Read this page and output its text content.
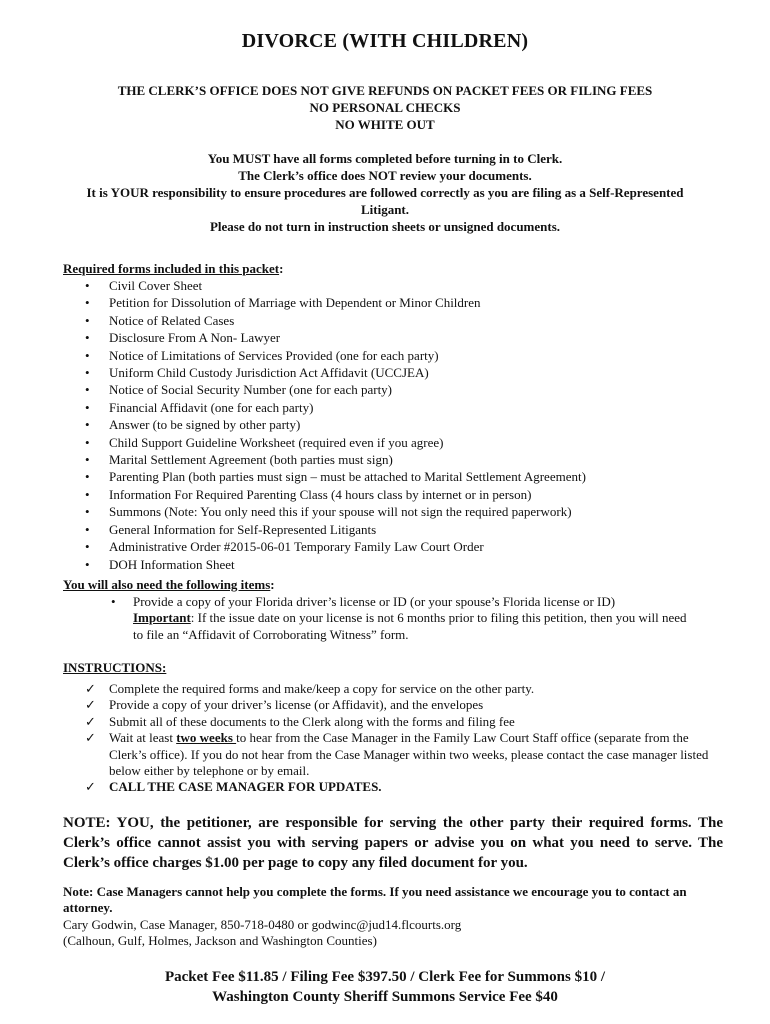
DIVORCE (WITH CHILDREN)
THE CLERK’S OFFICE DOES NOT GIVE REFUNDS ON PACKET FEES OR FILING FEES
NO PERSONAL CHECKS
NO WHITE OUT
You MUST have all forms completed before turning in to Clerk.
The Clerk’s office does NOT review your documents.
It is YOUR responsibility to ensure procedures are followed correctly as you are filing as a Self-Represented
Litigant.
Please do not turn in instruction sheets or unsigned documents.
Required forms included in this packet:
• Civil Cover Sheet
• Petition for Dissolution of Marriage with Dependent or Minor Children
• Notice of Related Cases
• Disclosure From A Non- Lawyer
• Notice of Limitations of Services Provided (one for each party)
• Uniform Child Custody Jurisdiction Act Affidavit (UCCJEA)
• Notice of Social Security Number (one for each party)
• Financial Affidavit (one for each party)
• Answer (to be signed by other party)
• Child Support Guideline Worksheet (required even if you agree)
• Marital Settlement Agreement (both parties must sign)
• Parenting Plan (both parties must sign – must be attached to Marital Settlement Agreement)
• Information For Required Parenting Class (4 hours class by internet or in person)
• Summons (Note: You only need this if your spouse will not sign the required paperwork)
• General Information for Self-Represented Litigants
• Administrative Order #2015-06-01 Temporary Family Law Court Order
• DOH Information Sheet
You will also need the following items:
• Provide a copy of your Florida driver’s license or ID (or your spouse’s Florida license or ID)
Important: If the issue date on your license is not 6 months prior to filing this petition, then you will need to file an “Affidavit of Corroborating Witness” form.
INSTRUCTIONS:
✓ Complete the required forms and make/keep a copy for service on the other party.
✓ Provide a copy of your driver’s license (or Affidavit), and the envelopes
✓ Submit all of these documents to the Clerk along with the forms and filing fee
✓ Wait at least two weeks to hear from the Case Manager in the Family Law Court Staff office (separate from the Clerk’s office). If you do not hear from the Case Manager within two weeks, please contact the case manager listed below either by telephone or by email.
✓ CALL THE CASE MANAGER FOR UPDATES.
NOTE: YOU, the petitioner, are responsible for serving the other party their required forms. The Clerk’s office cannot assist you with serving papers or advise you on what you need to serve. The Clerk’s office charges $1.00 per page to copy any filed document for you.
Note: Case Managers cannot help you complete the forms. If you need assistance we encourage you to contact an attorney.
Cary Godwin, Case Manager, 850-718-0480 or godwinc@jud14.flcourts.org
(Calhoun, Gulf, Holmes, Jackson and Washington Counties)
Packet Fee $11.85 / Filing Fee $397.50 / Clerk Fee for Summons $10 /
Washington County Sheriff Summons Service Fee $40
